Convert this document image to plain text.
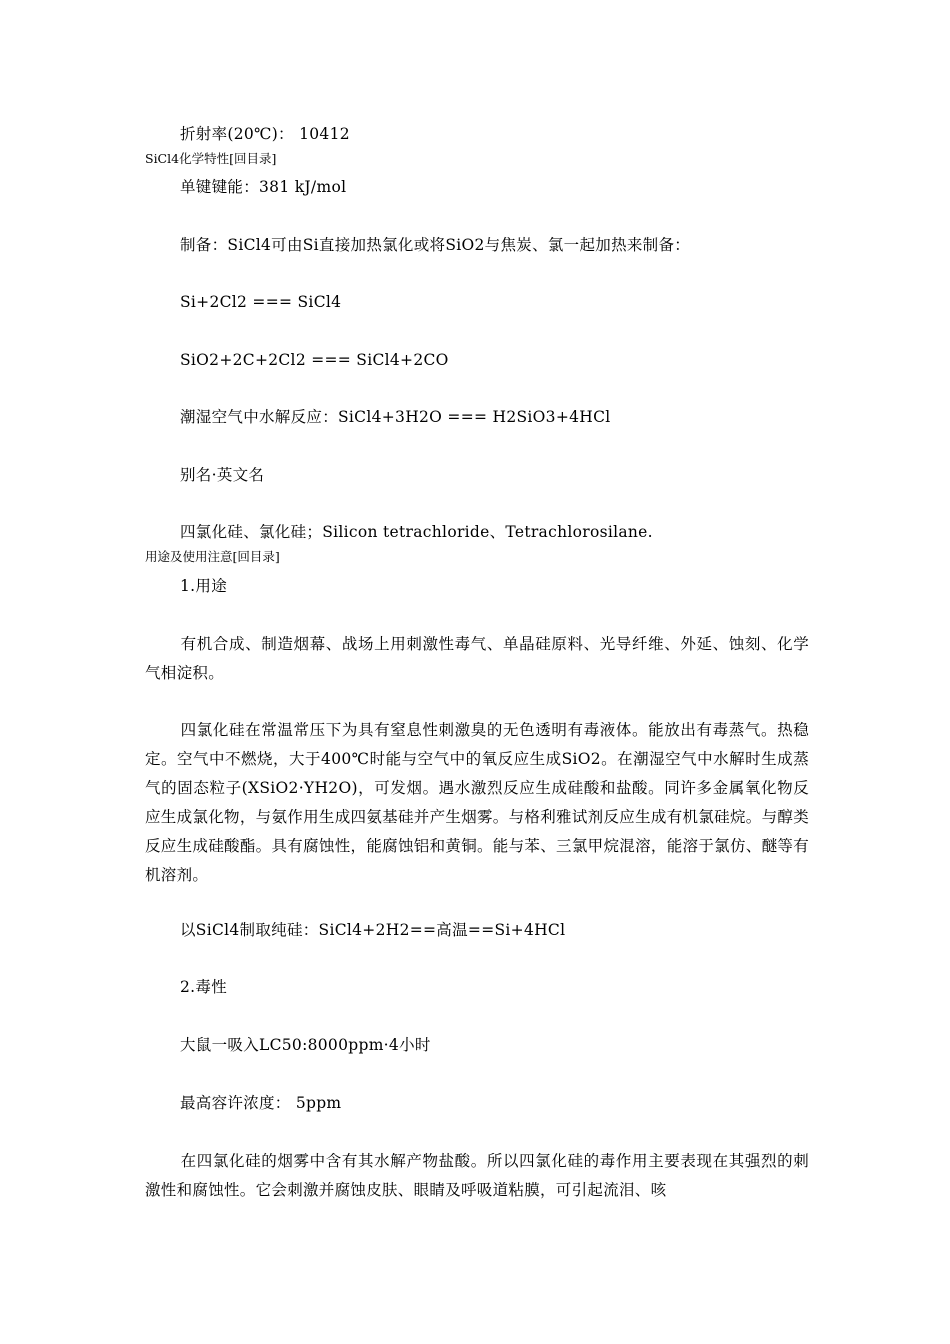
折射率(20℃)： 10412
SiCl4化学特性[回目录]
单键键能：381 kJ/mol
制备：SiCl4可由Si直接加热氯化或将SiO2与焦炭、氯一起加热来制备：
Si+2Cl2 === SiCl4
SiO2+2C+2Cl2 === SiCl4+2CO
潮湿空气中水解反应：SiCl4+3H2O === H2SiO3+4HCl
别名·英文名
四氯化硅、氯化硅；Silicon tetrachloride、Tetrachlorosilane.
用途及使用注意[回目录]
1.用途
有机合成、制造烟幕、战场上用刺激性毒气、单晶硅原料、光导纤维、外延、蚀刻、化学气相淀积。
四氯化硅在常温常压下为具有窒息性刺激臭的无色透明有毒液体。能放出有毒蒸气。热稳定。空气中不燃烧，大于400℃时能与空气中的氧反应生成SiO2。在潮湿空气中水解时生成蒸气的固态粒子(XSiO2·YH2O)，可发烟。遇水激烈反应生成硅酸和盐酸。同许多金属氧化物反应生成氯化物，与氨作用生成四氨基硅并产生烟雾。与格利雅试剂反应生成有机氯硅烷。与醇类反应生成硅酸酯。具有腐蚀性，能腐蚀铝和黄铜。能与苯、三氯甲烷混溶，能溶于氯仿、醚等有机溶剂。
以SiCl4制取纯硅：SiCl4+2H2==高温==Si+4HCl
2.毒性
大鼠一吸入LC50:8000ppm·4小时
最高容许浓度： 5ppm
在四氯化硅的烟雾中含有其水解产物盐酸。所以四氯化硅的毒作用主要表现在其强烈的刺激性和腐蚀性。它会刺激并腐蚀皮肤、眼睛及呼吸道粘膜，可引起流泪、咳
